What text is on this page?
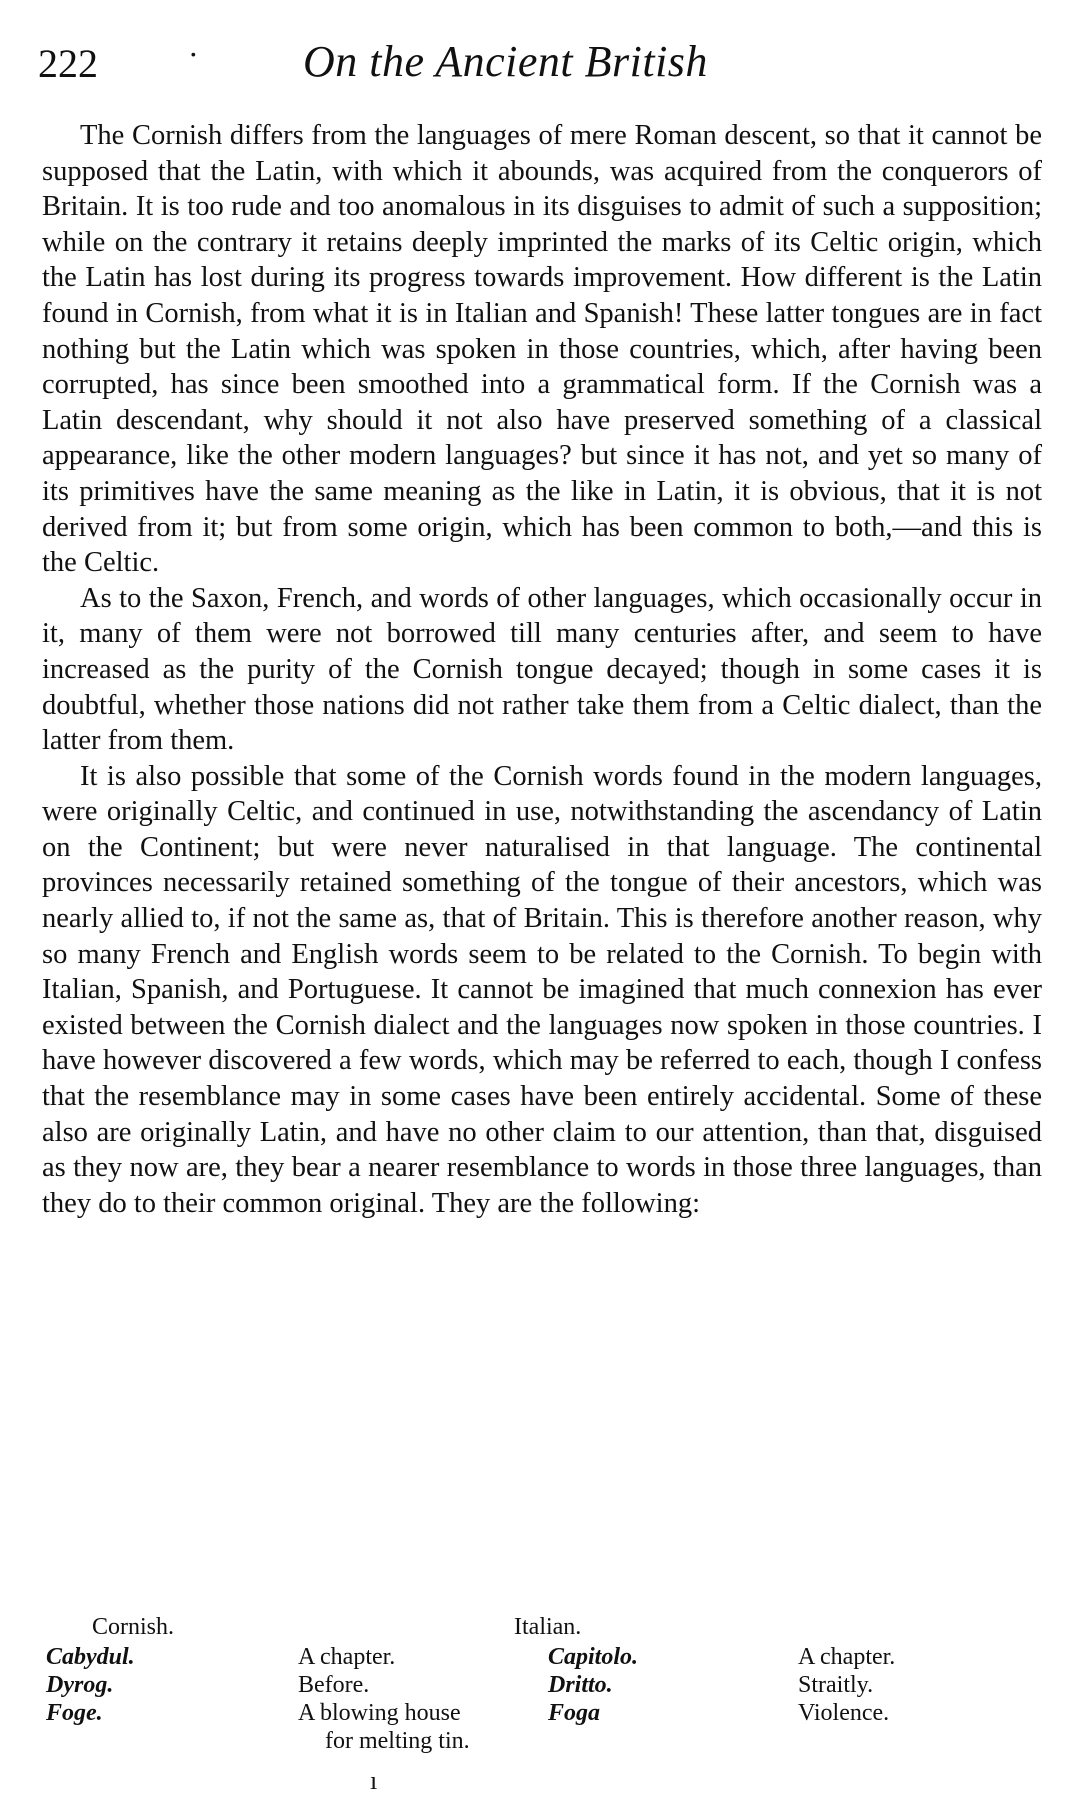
222	· On the Ancient British

The Cornish differs from the languages of mere Roman descent, so that it cannot be supposed that the Latin, with which it abounds, was acquired from the conquerors of Britain. It is too rude and too anomalous in its disguises to admit of such a supposition; while on the contrary it retains deeply imprinted the marks of its Celtic origin, which the Latin has lost during its progress towards improvement. How different is the Latin found in Cornish, from what it is in Italian and Spanish! These latter tongues are in fact nothing but the Latin which was spoken in those countries, which, after having been corrupted, has since been smoothed into a grammatical form. If the Cornish was a Latin descendant, why should it not also have preserved something of a classical appearance, like the other modern languages? but since it has not, and yet so many of its primitives have the same meaning as the like in Latin, it is obvious, that it is not derived from it; but from some origin, which has been common to both,—and this is the Celtic.

As to the Saxon, French, and words of other languages, which occasionally occur in it, many of them were not borrowed till many centuries after, and seem to have increased as the purity of the Cornish tongue decayed; though in some cases it is doubtful, whether those nations did not rather take them from a Celtic dialect, than the latter from them.

It is also possible that some of the Cornish words found in the modern languages, were originally Celtic, and continued in use, notwithstanding the ascendancy of Latin on the Continent; but were never naturalised in that language. The continental provinces necessarily retained something of the tongue of their ancestors, which was nearly allied to, if not the same as, that of Britain. This is therefore another reason, why so many French and English words seem to be related to the Cornish. To begin with Italian, Spanish, and Portuguese. It cannot be imagined that much connexion has ever existed between the Cornish dialect and the languages now spoken in those countries. I have however discovered a few words, which may be referred to each, though I confess that the resemblance may in some cases have been entirely accidental. Some of these also are originally Latin, and have no other claim to our attention, than that, disguised as they now are, they bear a nearer resemblance to words in those three languages, than they do to their common original. They are the following:

Cornish.	Italian.
Cabydul.	A chapter.	Capitolo.	A chapter.
Dyrog.	Before.	Dritto.	Straitly.
Foge.	A blowing house	Foga	Violence.
for melting tin.
ı
